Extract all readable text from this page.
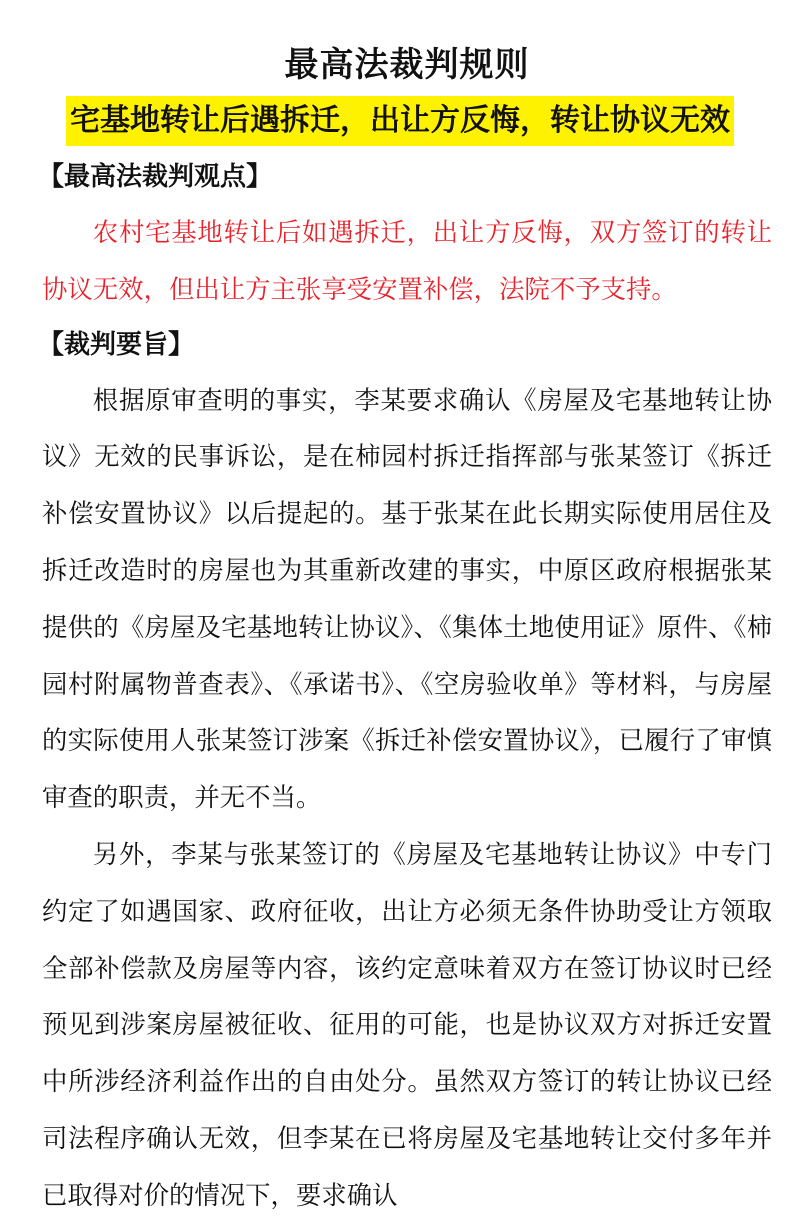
最高法裁判规则
宅基地转让后遇拆迁，出让方反悔，转让协议无效
【最高法裁判观点】

农村宅基地转让后如遇拆迁，出让方反悔，双方签订的转让协议无效，但出让方主张享受安置补偿，法院不予支持。

【裁判要旨】

根据原审查明的事实，李某要求确认《房屋及宅基地转让协议》无效的民事诉讼，是在柿园村拆迁指挥部与张某签订《拆迁补偿安置协议》以后提起的。基于张某在此长期实际使用居住及拆迁改造时的房屋也为其重新改建的事实，中原区政府根据张某提供的《房屋及宅基地转让协议》、《集体土地使用证》原件、《柿园村附属物普查表》、《承诺书》、《空房验收单》等材料，与房屋的实际使用人张某签订涉案《拆迁补偿安置协议》，已履行了审慎审查的职责，并无不当。

另外，李某与张某签订的《房屋及宅基地转让协议》中专门约定了如遇国家、政府征收，出让方必须无条件协助受让方领取全部补偿款及房屋等内容，该约定意味着双方在签订协议时已经预见到涉案房屋被征收、征用的可能，也是协议双方对拆迁安置中所涉经济利益作出的自由处分。虽然双方签订的转让协议已经司法程序确认无效，但李某在已将房屋及宅基地转让交付多年并已取得对价的情况下，要求确认
